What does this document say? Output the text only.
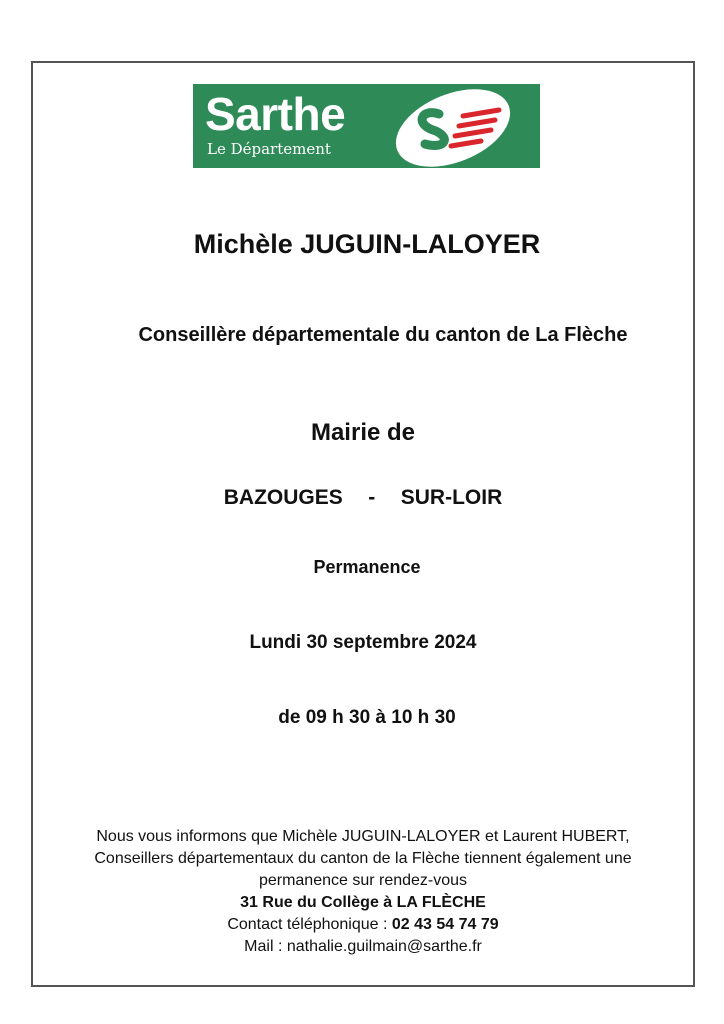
Sarthe
Le Département
Michèle JUGUIN-LALOYER
Conseillère départementale du canton de La Flèche
Mairie de
BAZOUGES - SUR-LOIR
Permanence
Lundi 30 septembre 2024
de 09 h 30 à 10 h 30
Nous vous informons que Michèle JUGUIN-LALOYER et Laurent HUBERT,
Conseillers départementaux du canton de la Flèche tiennent également une
permanence sur rendez-vous
31 Rue du Collège à LA FLÈCHE
Contact téléphonique : 02 43 54 74 79
Mail : nathalie.guilmain@sarthe.fr
